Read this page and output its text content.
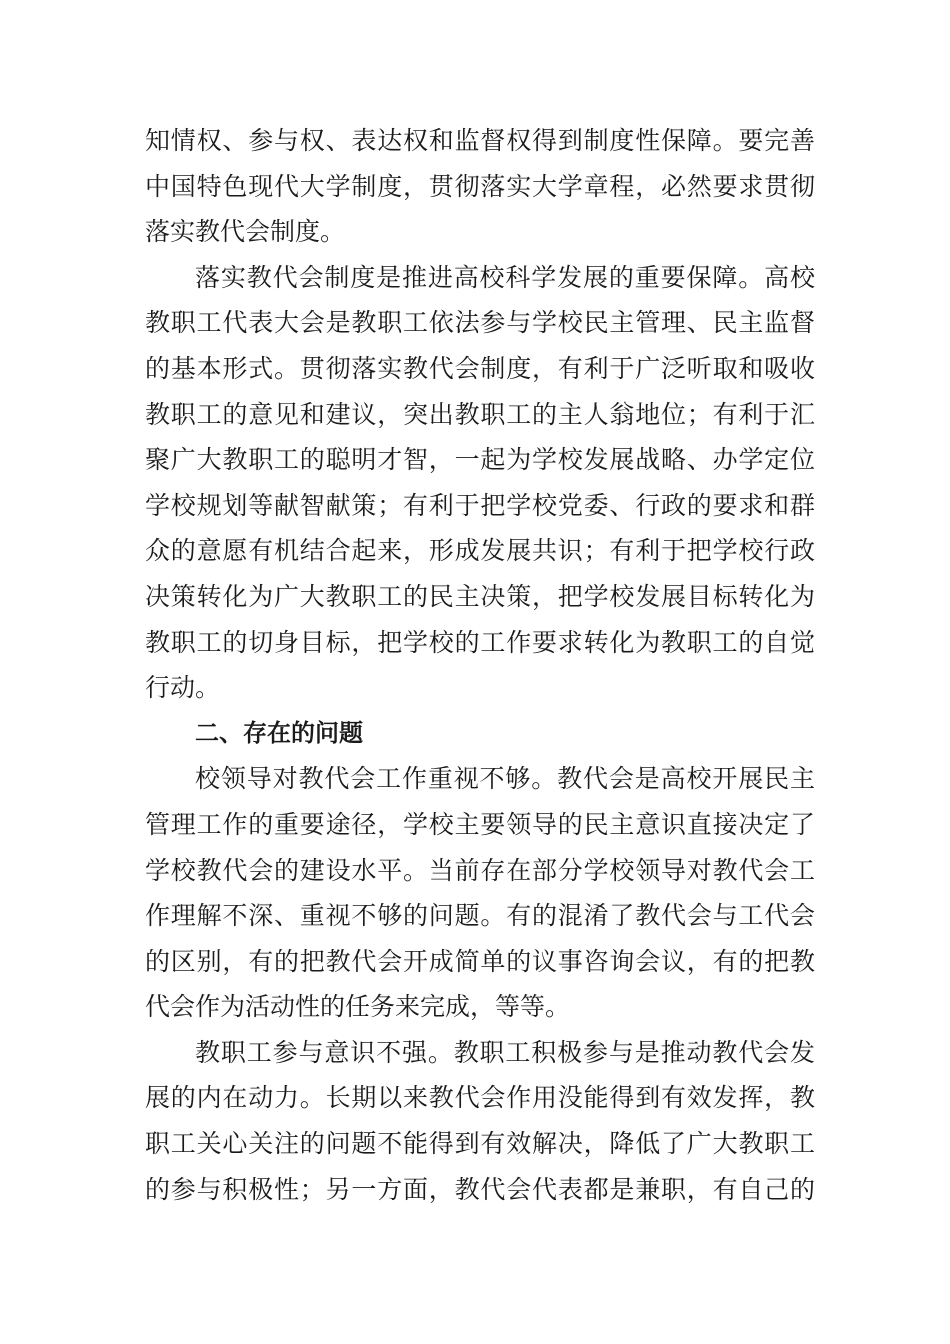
知情权、参与权、表达权和监督权得到制度性保障。要完善
中国特色现代大学制度，贯彻落实大学章程，必然要求贯彻
落实教代会制度。
落实教代会制度是推进高校科学发展的重要保障。高校
教职工代表大会是教职工依法参与学校民主管理、民主监督
的基本形式。贯彻落实教代会制度，有利于广泛听取和吸收
教职工的意见和建议，突出教职工的主人翁地位；有利于汇
聚广大教职工的聪明才智，一起为学校发展战略、办学定位
学校规划等献智献策；有利于把学校党委、行政的要求和群
众的意愿有机结合起来，形成发展共识；有利于把学校行政
决策转化为广大教职工的民主决策，把学校发展目标转化为
教职工的切身目标，把学校的工作要求转化为教职工的自觉
行动。
二、存在的问题
校领导对教代会工作重视不够。教代会是高校开展民主
管理工作的重要途径，学校主要领导的民主意识直接决定了
学校教代会的建设水平。当前存在部分学校领导对教代会工
作理解不深、重视不够的问题。有的混淆了教代会与工代会
的区别，有的把教代会开成简单的议事咨询会议，有的把教
代会作为活动性的任务来完成，等等。
教职工参与意识不强。教职工积极参与是推动教代会发
展的内在动力。长期以来教代会作用没能得到有效发挥，教
职工关心关注的问题不能得到有效解决，降低了广大教职工
的参与积极性；另一方面，教代会代表都是兼职，有自己的
